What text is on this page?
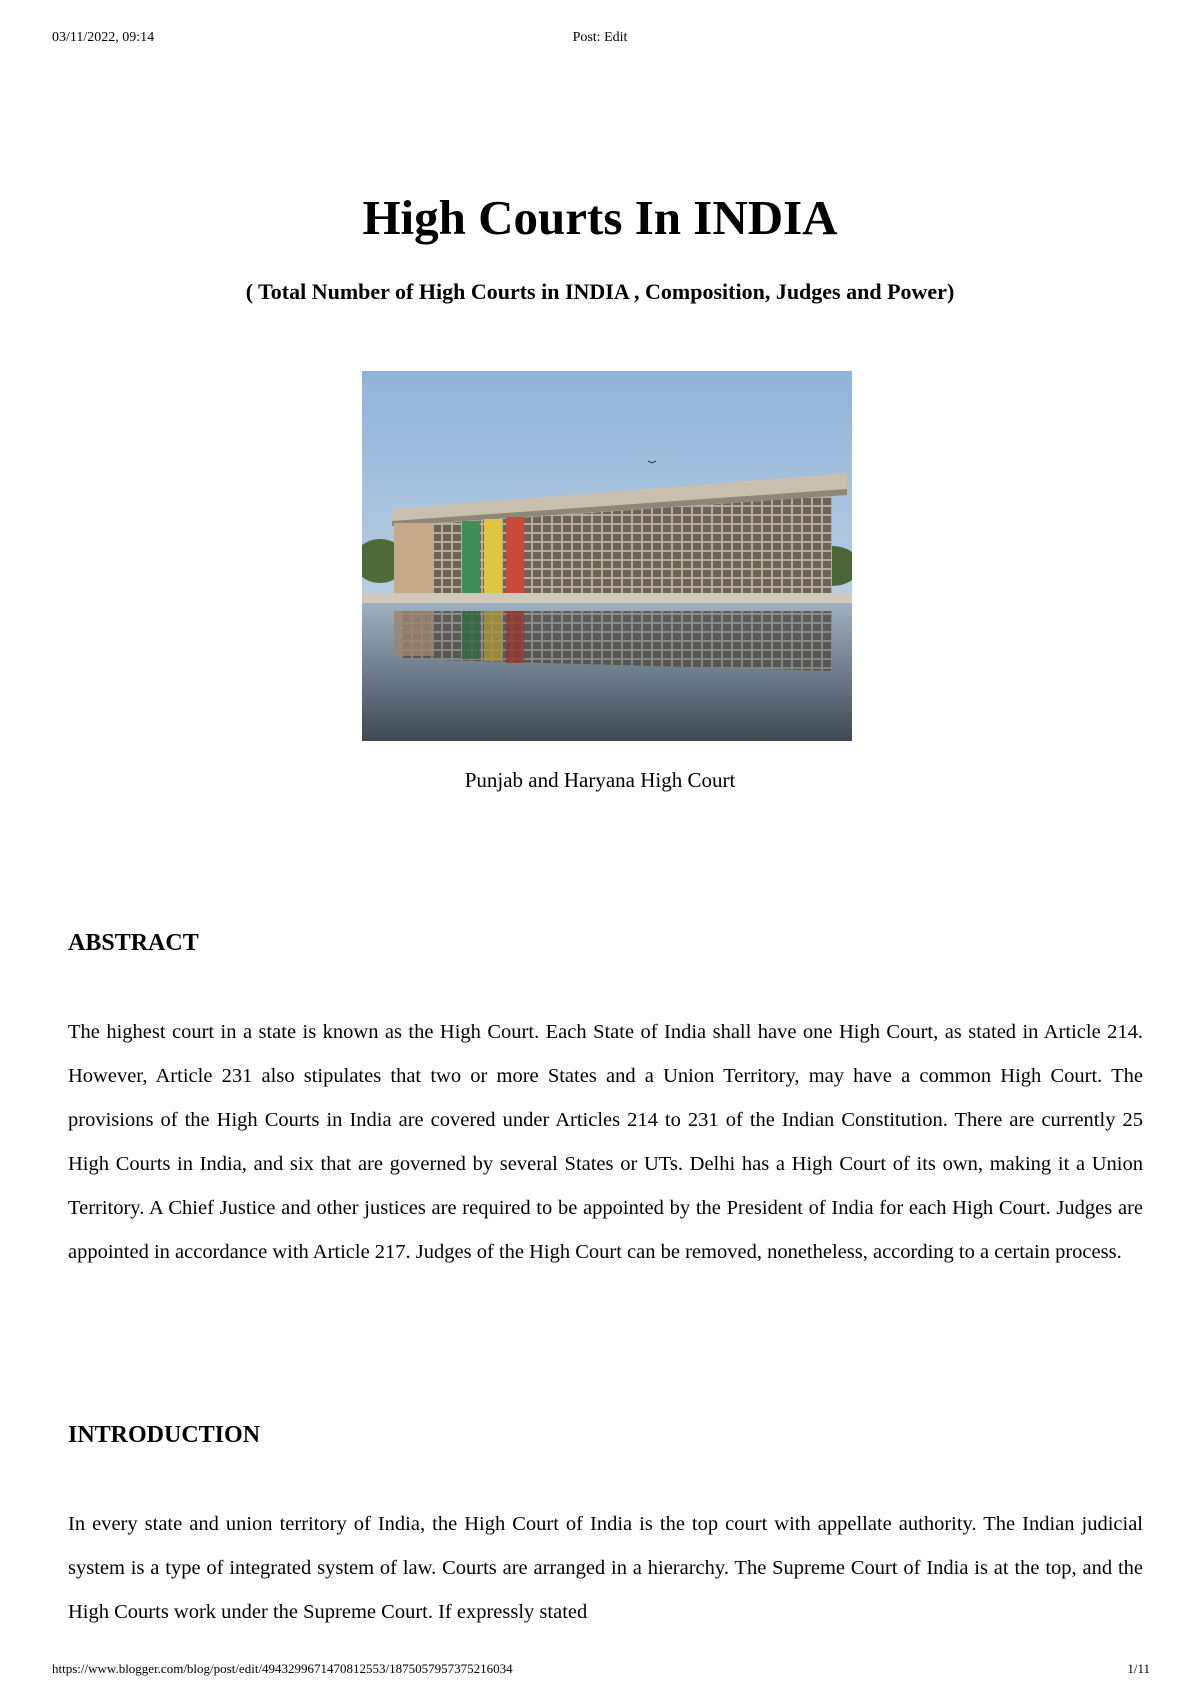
03/11/2022, 09:14	Post: Edit
High Courts In INDIA
( Total Number of High Courts in INDIA , Composition, Judges and Power)
Punjab and Haryana High Court
ABSTRACT

The highest court in a state is known as the High Court. Each State of India shall have one High Court, as stated in Article 214. However, Article 231 also stipulates that two or more States and a Union Territory, may have a common High Court. The provisions of the High Courts in India are covered under Articles 214 to 231 of the Indian Constitution. There are currently 25 High Courts in India, and six that are governed by several States or UTs. Delhi has a High Court of its own, making it a Union Territory. A Chief Justice and other justices are required to be appointed by the President of India for each High Court. Judges are appointed in accordance with Article 217. Judges of the High Court can be removed, nonetheless, according to a certain process.

INTRODUCTION

In every state and union territory of India, the High Court of India is the top court with appellate authority. The Indian judicial system is a type of integrated system of law. Courts are arranged in a hierarchy. The Supreme Court of India is at the top, and the High Courts work under the Supreme Court. If expressly stated

https://www.blogger.com/blog/post/edit/4943299671470812553/1875057957375216034	1/11
